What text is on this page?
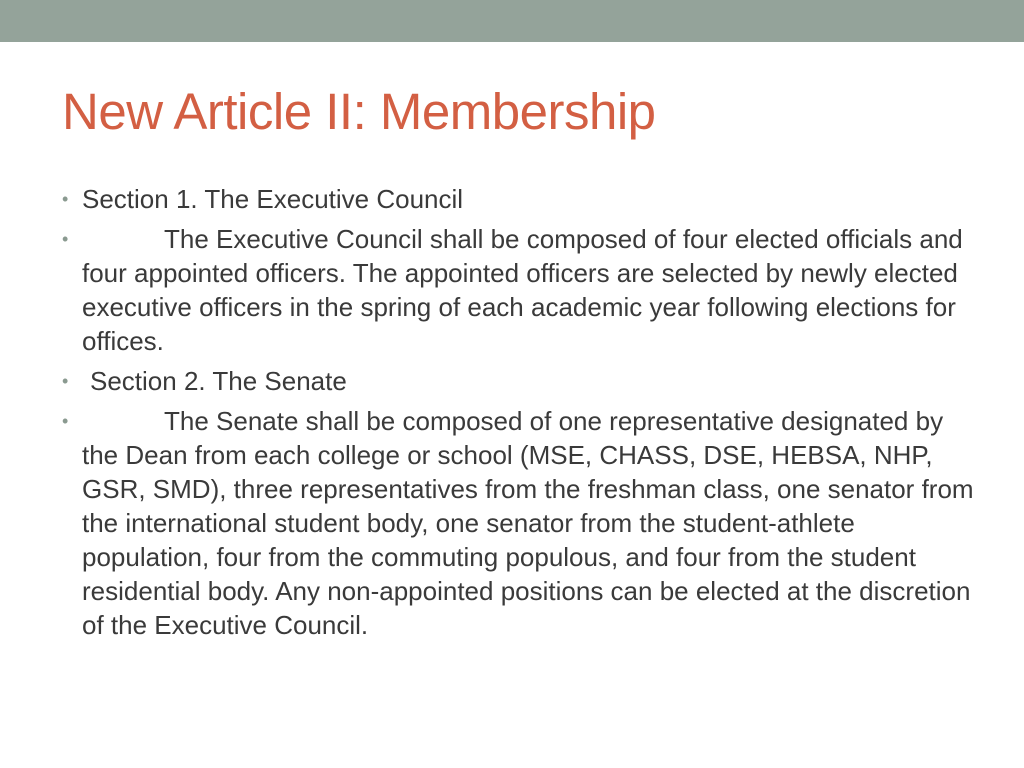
New Article II: Membership
• Section 1. The Executive Council
•	The Executive Council shall be composed of four elected officials and four appointed officers. The appointed officers are selected by newly elected executive officers in the spring of each academic year following elections for offices.
• Section 2. The Senate
•	The Senate shall be composed of one representative designated by the Dean from each college or school (MSE, CHASS, DSE, HEBSA, NHP, GSR, SMD), three representatives from the freshman class, one senator from the international student body, one senator from the student-athlete population, four from the commuting populous, and four from the student residential body. Any non-appointed positions can be elected at the discretion of the Executive Council.
